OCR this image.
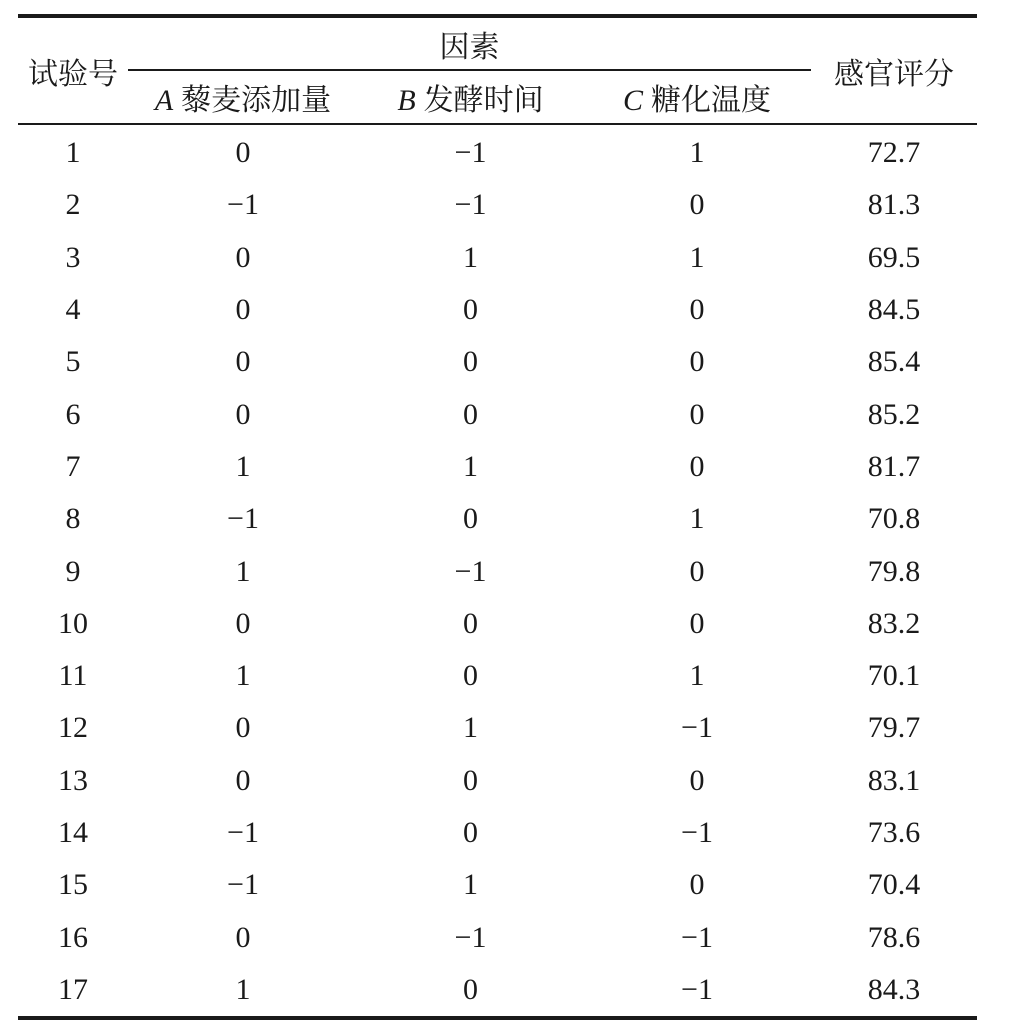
试验号	因素			感官评分
	A 藜麦添加量	B 发酵时间	C 糖化温度	
1	0	−1	1	72.7
2	−1	−1	0	81.3
3	0	1	1	69.5
4	0	0	0	84.5
5	0	0	0	85.4
6	0	0	0	85.2
7	1	1	0	81.7
8	−1	0	1	70.8
9	1	−1	0	79.8
10	0	0	0	83.2
11	1	0	1	70.1
12	0	1	−1	79.7
13	0	0	0	83.1
14	−1	0	−1	73.6
15	−1	1	0	70.4
16	0	−1	−1	78.6
17	1	0	−1	84.3
